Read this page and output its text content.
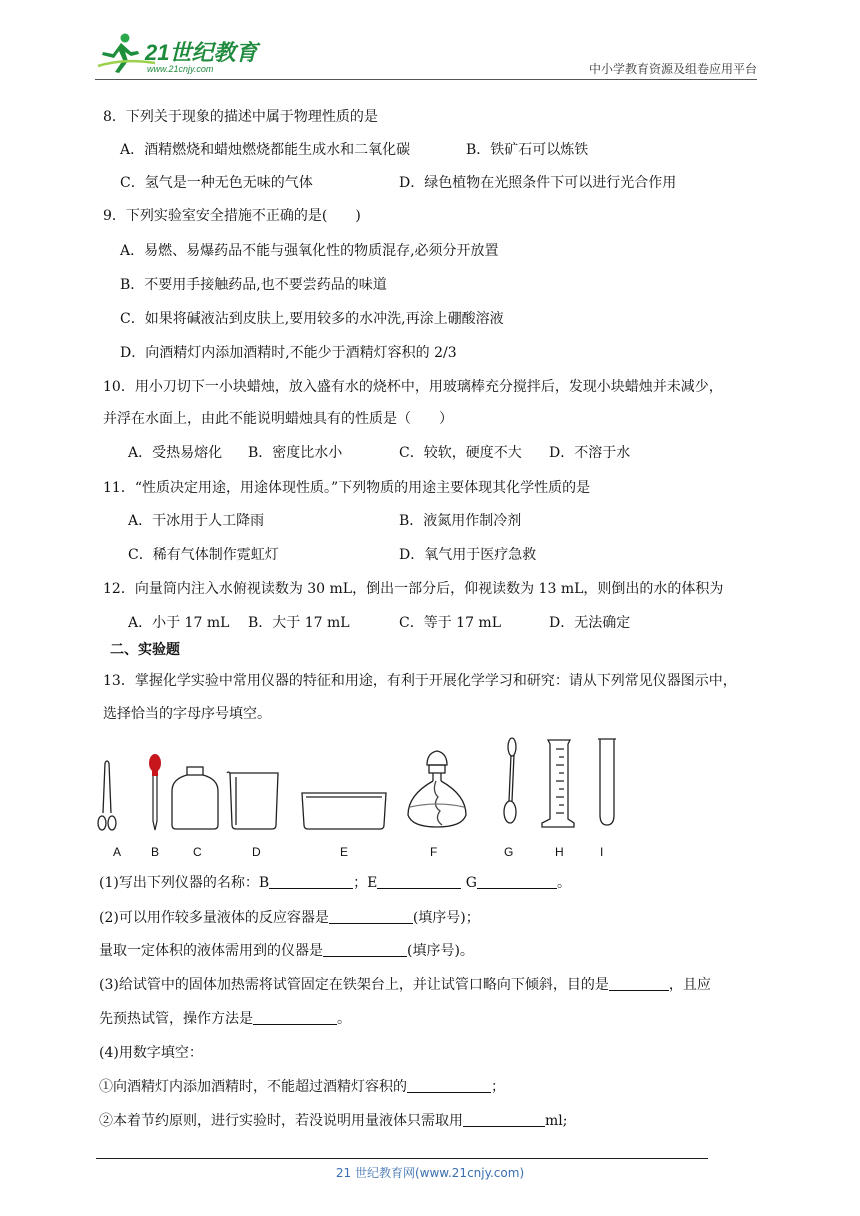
21世纪教育
www.21cnjy.com	中小学教育资源及组卷应用平台
8．下列关于现象的描述中属于物理性质的是
A．酒精燃烧和蜡烛燃烧都能生成水和二氧化碳	B．铁矿石可以炼铁
C．氢气是一种无色无味的气体	D．绿色植物在光照条件下可以进行光合作用
9．下列实验室安全措施不正确的是(　　)
A．易燃、易爆药品不能与强氧化性的物质混存,必须分开放置
B．不要用手接触药品,也不要尝药品的味道
C．如果将碱液沾到皮肤上,要用较多的水冲洗,再涂上硼酸溶液
D．向酒精灯内添加酒精时,不能少于酒精灯容积的 2/3
10．用小刀切下一小块蜡烛，放入盛有水的烧杯中，用玻璃棒充分搅拌后，发现小块蜡烛并未减少，
并浮在水面上，由此不能说明蜡烛具有的性质是（　　）
A．受热易熔化 B．密度比水小	C．较软，硬度不大 D．不溶于水
11．“性质决定用途，用途体现性质。”下列物质的用途主要体现其化学性质的是
A．干冰用于人工降雨	B．液氮用作制冷剂
C．稀有气体制作霓虹灯	D．氧气用于医疗急救
12．向量筒内注入水俯视读数为 30 mL，倒出一部分后，仰视读数为 13 mL，则倒出的水的体积为
A．小于 17 mL B．大于 17 mL	C．等于 17 mL	D．无法确定
二、实验题
13．掌握化学实验中常用仪器的特征和用途，有利于开展化学学习和研究：请从下列常见仪器图示中，
选择恰当的字母序号填空。
A B	C	D	E	F	G	H	I
(1)写出下列仪器的名称：B	；E	G	。
(2)可以用作较多量液体的反应容器是	(填序号)；
量取一定体积的液体需用到的仪器是	(填序号)。
(3)给试管中的固体加热需将试管固定在铁架台上，并让试管口略向下倾斜，目的是	，且应
先预热试管，操作方法是	。
(4)用数字填空：
①向酒精灯内添加酒精时，不能超过酒精灯容积的	；
②本着节约原则，进行实验时，若没说明用量液体只需取用	ml;
21 世纪教育网(www.21cnjy.com)
